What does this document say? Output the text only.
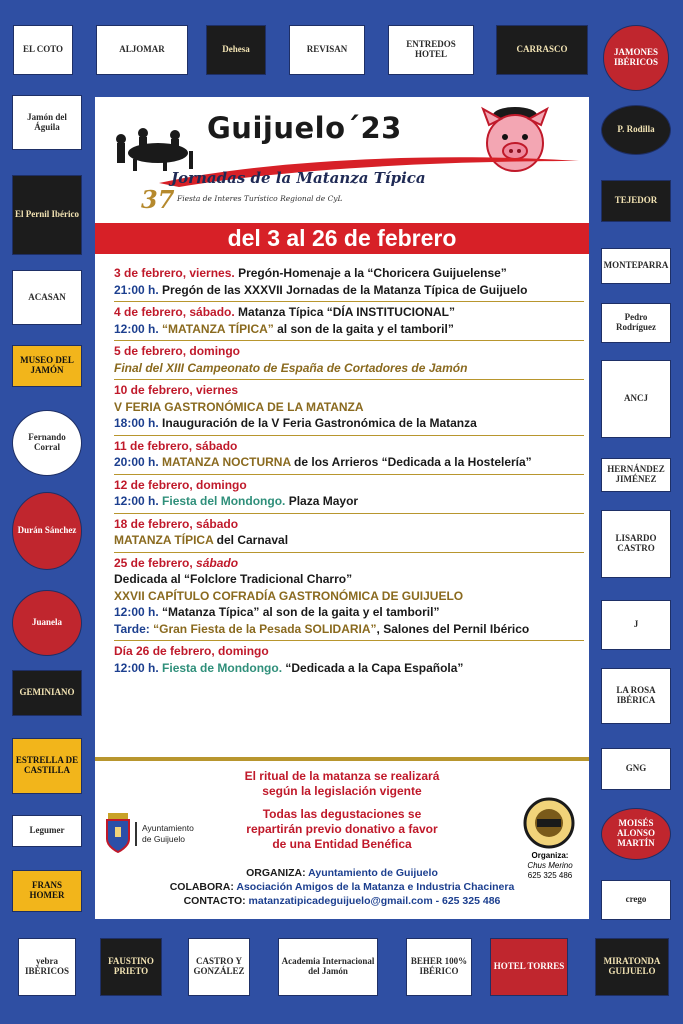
EL COTO	ALJOMAR	Dehesa	REVISAN	ENTREDOS HOTEL	CARRASCO	JAMONES IBÉRICOS
Jamón del Águila
El Pernil Ibérico
ACASAN
MUSEO DEL JAMÓN
Fernando Corral
Durán Sánchez
Juanela
GEMINIANO
ESTRELLA DE CASTILLA
Legumer
FRANS HOMER
P. Rodilla
TEJEDOR
MONTEPARRA
Pedro Rodríguez
ANCJ
HERNÁNDEZ JIMÉNEZ
LISARDO CASTRO
J
LA ROSA IBÉRICA
GNG
MOISÉS ALONSO MARTÍN
crego
yebra IBÉRICOS
FAUSTINO PRIETO
CASTRO Y GONZÁLEZ
Academia Internacional del Jamón
BEHER 100% IBÉRICO	HOTEL TORRES	MIRATONDA GUIJUELO
Guijuelo´23
37
Jornadas de la Matanza Típica
Fiesta de Interes Turístico Regional de CyL
del 3 al 26 de febrero
3 de febrero, viernes. Pregón-Homenaje a la “Choricera Guijuelense”
21:00 h. Pregón de las XXXVII Jornadas de la Matanza Típica de Guijuelo
4 de febrero, sábado. Matanza Típica “DÍA INSTITUCIONAL”
12:00 h. “MATANZA TÍPICA” al son de la gaita y el tamboril”
5 de febrero, domingo
Final del XIII Campeonato de España de Cortadores de Jamón
10 de febrero, viernes
V FERIA GASTRONÓMICA DE LA MATANZA
18:00 h. Inauguración de la V Feria Gastronómica de la Matanza
11 de febrero, sábado
20:00 h. MATANZA NOCTURNA de los Arrieros “Dedicada a la Hostelería”
12 de febrero, domingo
12:00 h. Fiesta del Mondongo. Plaza Mayor
18 de febrero, sábado
MATANZA TÍPICA del Carnaval
25 de febrero, sábado
Dedicada al “Folclore Tradicional Charro”
XXVII CAPÍTULO COFRADÍA GASTRONÓMICA DE GUIJUELO
12:00 h. “Matanza Típica” al son de la gaita y el tamboril”
Tarde: “Gran Fiesta de la Pesada SOLIDARIA”, Salones del Pernil Ibérico
Día 26 de febrero, domingo
12:00 h. Fiesta de Mondongo. “Dedicada a la Capa Española”
El ritual de la matanza se realizará
según la legislación vigente
Todas las degustaciones se
repartirán previo donativo a favor
de una Entidad Benéfica
Ayuntamiento
de Guijuelo
Organiza:
Chus Merino
625 325 486
ORGANIZA: Ayuntamiento de Guijuelo
COLABORA: Asociación Amigos de la Matanza e Industria Chacinera
CONTACTO: matanzatipicadeguijuelo@gmail.com - 625 325 486
